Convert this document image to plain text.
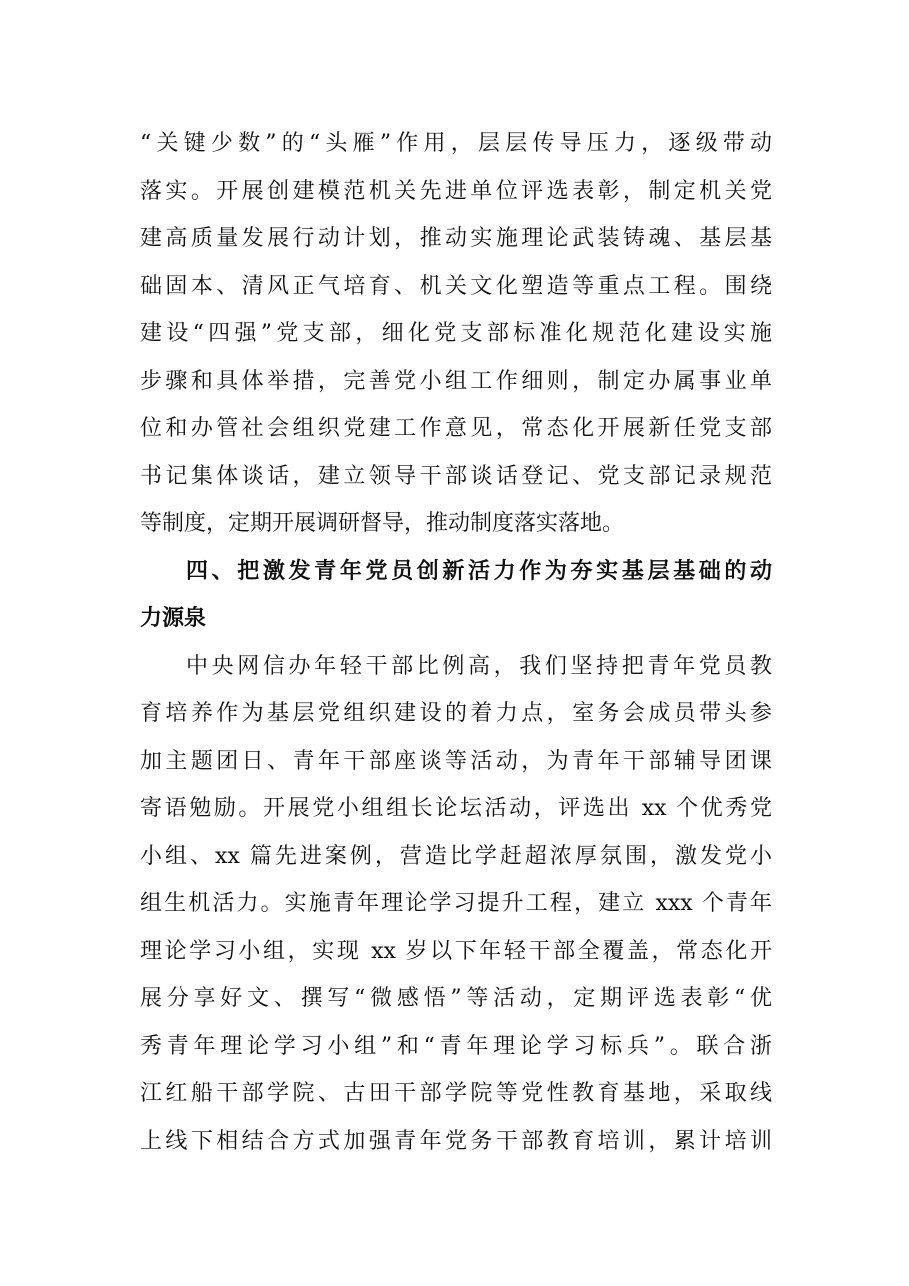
“关键少数”的“头雁”作用，层层传导压力，逐级带动
落实。开展创建模范机关先进单位评选表彰，制定机关党
建高质量发展行动计划，推动实施理论武装铸魂、基层基
础固本、清风正气培育、机关文化塑造等重点工程。围绕
建设“四强”党支部，细化党支部标准化规范化建设实施
步骤和具体举措，完善党小组工作细则，制定办属事业单
位和办管社会组织党建工作意见，常态化开展新任党支部
书记集体谈话，建立领导干部谈话登记、党支部记录规范
等制度，定期开展调研督导，推动制度落实落地。
四、把激发青年党员创新活力作为夯实基层基础的动
力源泉
中央网信办年轻干部比例高，我们坚持把青年党员教
育培养作为基层党组织建设的着力点，室务会成员带头参
加主题团日、青年干部座谈等活动，为青年干部辅导团课
寄语勉励。开展党小组组长论坛活动，评选出 xx 个优秀党
小组、xx 篇先进案例，营造比学赶超浓厚氛围，激发党小
组生机活力。实施青年理论学习提升工程，建立 xxx 个青年
理论学习小组，实现 xx 岁以下年轻干部全覆盖，常态化开
展分享好文、撰写“微感悟”等活动，定期评选表彰“优
秀青年理论学习小组”和“青年理论学习标兵”。联合浙
江红船干部学院、古田干部学院等党性教育基地，采取线
上线下相结合方式加强青年党务干部教育培训，累计培训
